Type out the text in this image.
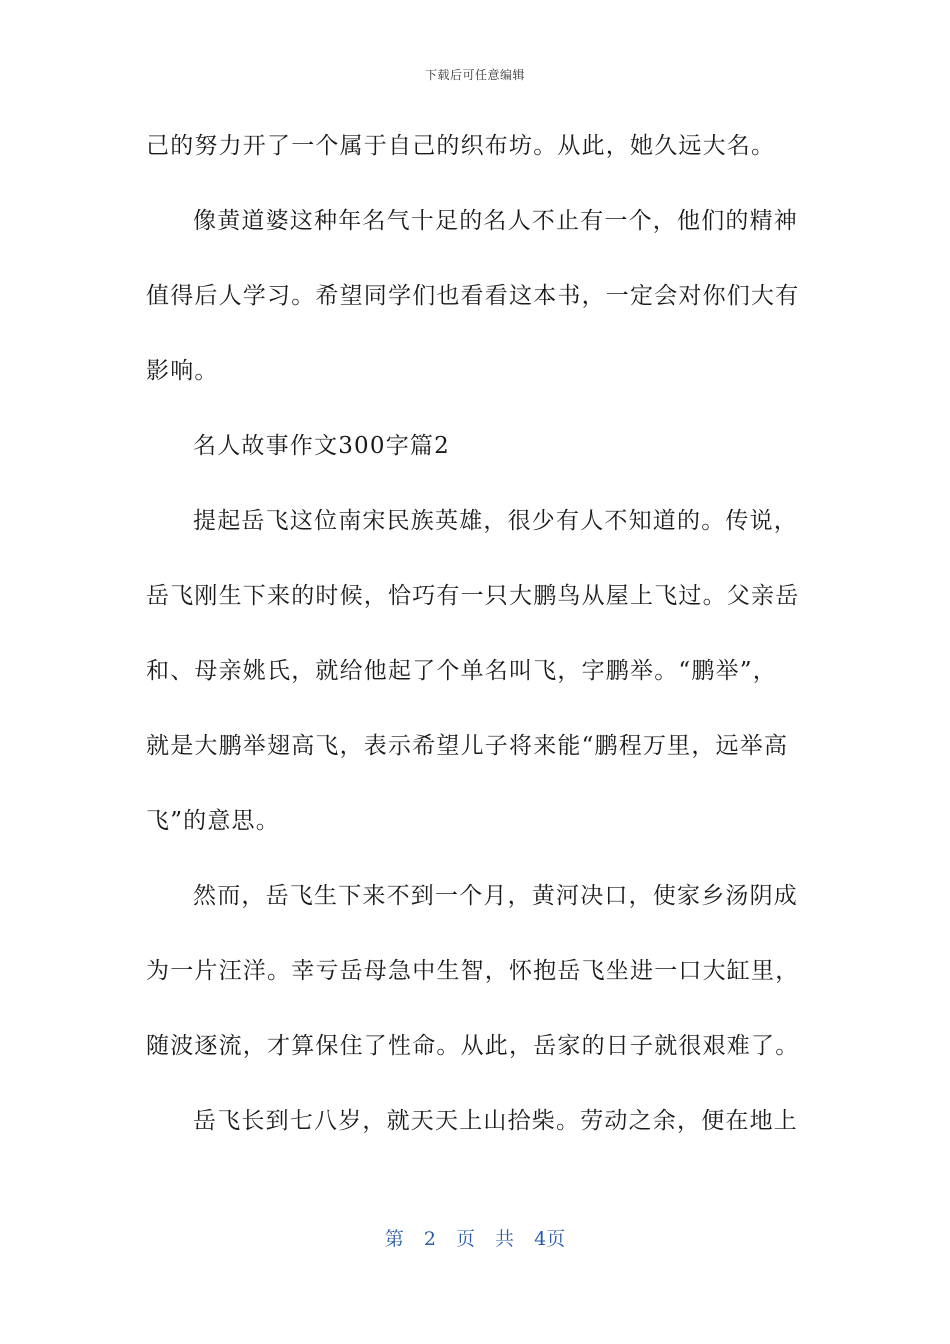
下载后可任意编辑
己的努力开了一个属于自己的织布坊。从此，她久远大名。
像黄道婆这种年名气十足的名人不止有一个，他们的精神
值得后人学习。希望同学们也看看这本书，一定会对你们大有
影响。
名人故事作文300字篇2
提起岳飞这位南宋民族英雄，很少有人不知道的。传说，
岳飞刚生下来的时候，恰巧有一只大鹏鸟从屋上飞过。父亲岳
和、母亲姚氏，就给他起了个单名叫飞，字鹏举。“鹏举”，
就是大鹏举翅高飞，表示希望儿子将来能“鹏程万里，远举高
飞”的意思。
然而，岳飞生下来不到一个月，黄河决口，使家乡汤阴成
为一片汪洋。幸亏岳母急中生智，怀抱岳飞坐进一口大缸里，
随波逐流，才算保住了性命。从此，岳家的日子就很艰难了。
岳飞长到七八岁，就天天上山拾柴。劳动之余，便在地上
第 2 页 共 4页
